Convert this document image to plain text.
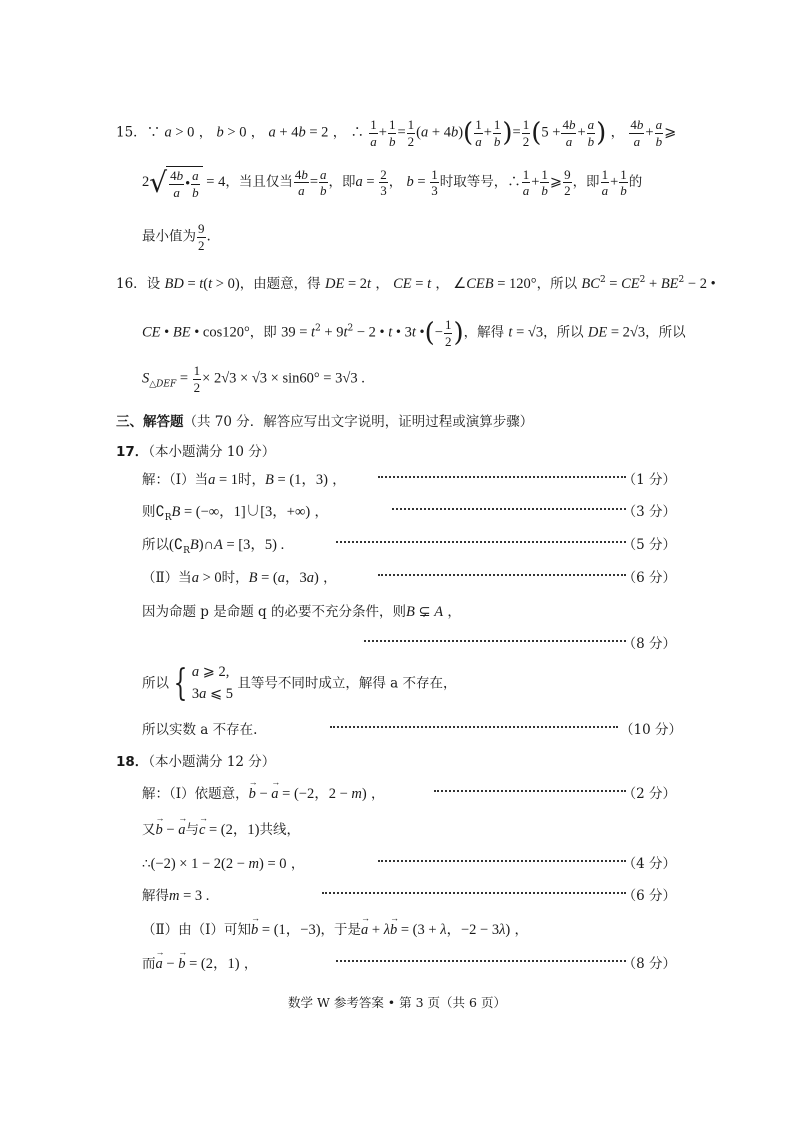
15．∵ a > 0 ， b > 0 ， a + 4b = 2 ， ∴ $\frac{1}{a} + \frac{1}{b} = \frac{1}{2} (a + 4b)( \frac{1}{a} + \frac{1}{b}$ )= $\frac{1}{2} (5 + \frac{4b}{a} + \frac{a}{b}$ ) ， $\frac{4b}{a} + \frac{a}{b}$ ⩾
2 √ $\frac{4b}{a}$ • $\frac{a}{b} = 4$，当且仅当 $\frac{4b}{a} = \frac{a}{b}$ ，即$a = \frac{2}{3}$ ， $b = \frac{1}{3}$ 时取等号，∴ $\frac{1}{a} + \frac{1}{b}$ ⩾ $\frac{9}{2}$ ，即 $\frac{1}{a} + \frac{1}{b}$ 的
最小值为 $\frac{9}{2}$ .
16．设 BD = t(t > 0)，由题意，得 DE = 2t ， CE = t ， ∠CEB = 120°，所以 $BC^2 = CE^2 + BE^2 - 2$ •
CE • BE • cos120°，即 $39 = t^2 + 9t^2 - 2$ • t • 3t •(− $\frac{1}{2}$ )，解得 t = √3，所以 DE = 2√3，所以
$S_{\triangle DEF} = \frac{1}{2} \times 2√3 \times √3 \times \sin 60^\circ = 3√3$ .
三、解答题（共 70 分．解答应写出文字说明，证明过程或演算步骤）
17．（本小题满分 10 分）
解：（Ⅰ）当a = 1时，B = (1，3) ，	（1 分）
则$∁_RB$ = (−∞，1]∪[3，+∞) ，	（3 分）
所以$(∁_RB)\cap A = [3$，5) .	（5 分）
（Ⅱ）当a > 0时，B = (a，3a) ，	（6 分）
因为命题 p 是命题 q 的必要不充分条件，则B ⊊ A ，
（8 分）
所以 { a ⩾ 2,
3a ⩽ 5
且等号不同时成立，解得 a 不存在，
所以实数 a 不存在.	（10 分）
18．（本小题满分 12 分）
解：（Ⅰ）依题意，→ b − → a = (−2，2 − m) ，	（2 分）
又→ b − → a与→ c = (2，1)共线，
∴(−2) × 1 − 2(2 − m) = 0 ，	（4 分）
解得m = 3 .	（6 分）
（Ⅱ）由（Ⅰ）可知→ b = (1，−3)，于是→ a + λ→ b = (3 + λ，−2 − 3λ) ，
而→ a − → b = (2，1) ，	（8 分）
数学 W 参考答案 • 第 3 页（共 6 页）
